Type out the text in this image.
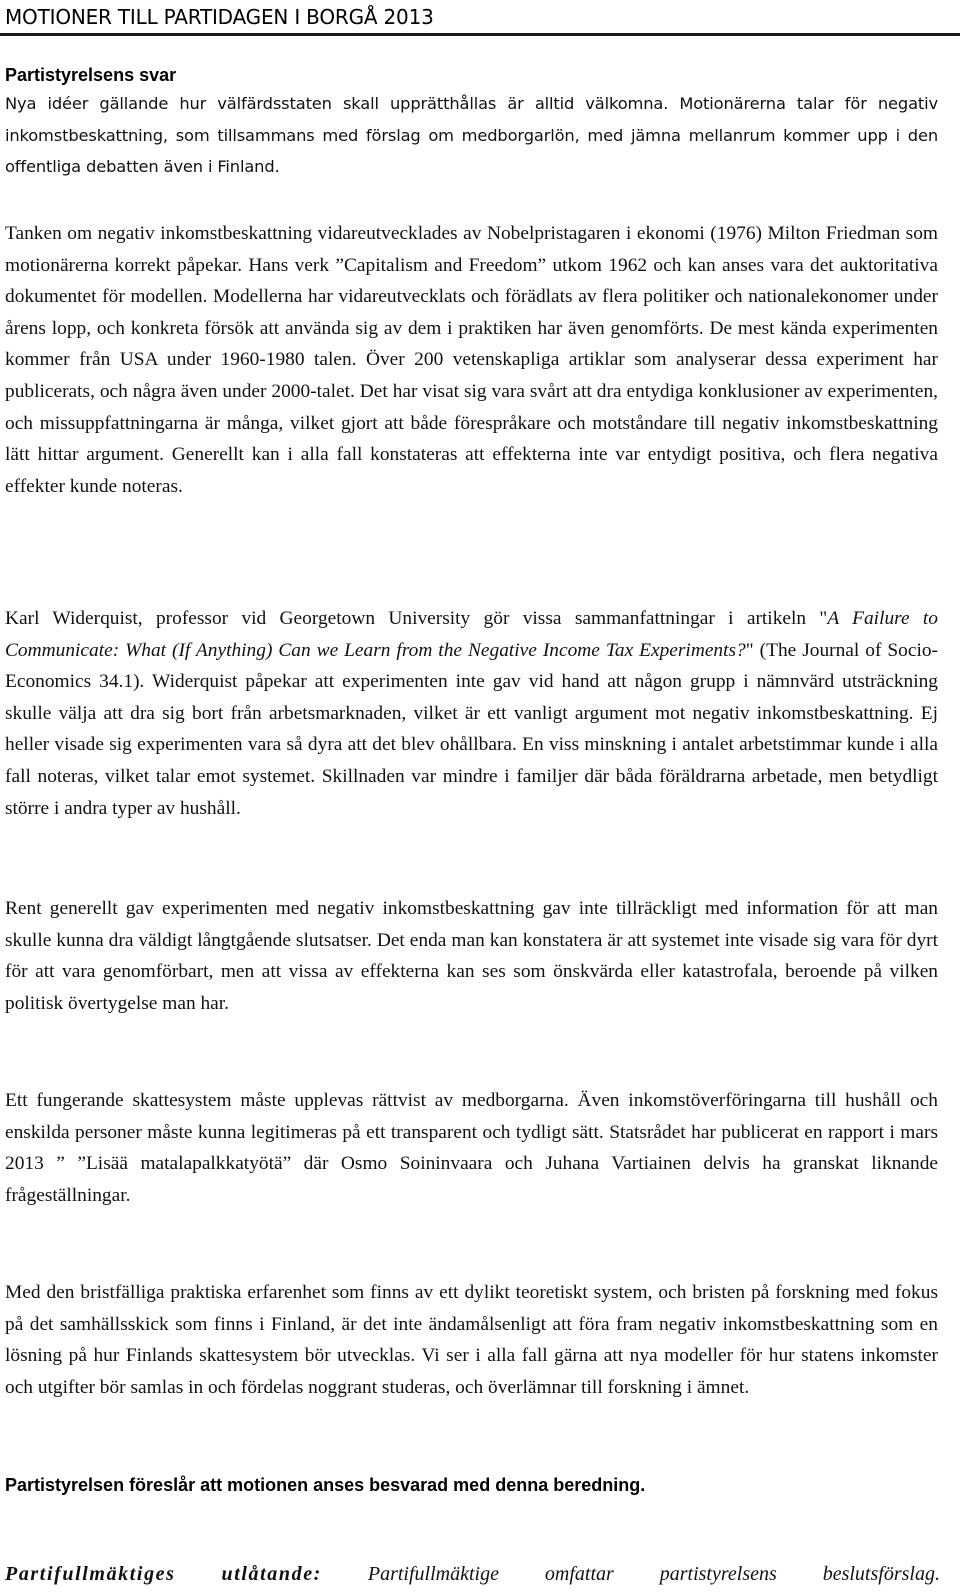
MOTIONER TILL PARTIDAGEN I BORGÅ 2013
Partistyrelsens svar

Nya idéer gällande hur välfärdsstaten skall upprätthållas är alltid välkomna. Motionärerna talar för negativ inkomstbeskattning, som tillsammans med förslag om medborgarlön, med jämna mellanrum kommer upp i den offentliga debatten även i Finland.

Tanken om negativ inkomstbeskattning vidareutvecklades av Nobelpristagaren i ekonomi (1976) Milton Friedman som motionärerna korrekt påpekar. Hans verk ”Capitalism and Freedom” utkom 1962 och kan anses vara det auktoritativa dokumentet för modellen. Modellerna har vidareutvecklats och förädlats av flera politiker och nationalekonomer under årens lopp, och konkreta försök att använda sig av dem i praktiken har även genomförts. De mest kända experimenten kommer från USA under 1960-1980 talen. Över 200 vetenskapliga artiklar som analyserar dessa experiment har publicerats, och några även under 2000-talet. Det har visat sig vara svårt att dra entydiga konklusioner av experimenten, och missuppfattningarna är många, vilket gjort att både förespråkare och motståndare till negativ inkomstbeskattning lätt hittar argument. Generellt kan i alla fall konstateras att effekterna inte var entydigt positiva, och flera negativa effekter kunde noteras.

Karl Widerquist, professor vid Georgetown University gör vissa sammanfattningar i artikeln "A Failure to Communicate: What (If Anything) Can we Learn from the Negative Income Tax Experiments?" (The Journal of Socio-Economics 34.1). Widerquist påpekar att experimenten inte gav vid hand att någon grupp i nämnvärd utsträckning skulle välja att dra sig bort från arbetsmarknaden, vilket är ett vanligt argument mot negativ inkomstbeskattning. Ej heller visade sig experimenten vara så dyra att det blev ohållbara. En viss minskning i antalet arbetstimmar kunde i alla fall noteras, vilket talar emot systemet. Skillnaden var mindre i familjer där båda föräldrarna arbetade, men betydligt större i andra typer av hushåll.

Rent generellt gav experimenten med negativ inkomstbeskattning gav inte tillräckligt med information för att man skulle kunna dra väldigt långtgående slutsatser. Det enda man kan konstatera är att systemet inte visade sig vara för dyrt för att vara genomförbart, men att vissa av effekterna kan ses som önskvärda eller katastrofala, beroende på vilken politisk övertygelse man har.

Ett fungerande skattesystem måste upplevas rättvist av medborgarna. Även inkomstöverföringarna till hushåll och enskilda personer måste kunna legitimeras på ett transparent och tydligt sätt. Statsrådet har publicerat en rapport i mars 2013 ” ”Lisää matalapalkkatyötä” där Osmo Soininvaara och Juhana Vartiainen delvis ha granskat liknande frågeställningar.

Med den bristfälliga praktiska erfarenhet som finns av ett dylikt teoretiskt system, och bristen på forskning med fokus på det samhällsskick som finns i Finland, är det inte ändamålsenligt att föra fram negativ inkomstbeskattning som en lösning på hur Finlands skattesystem bör utvecklas. Vi ser i alla fall gärna att nya modeller för hur statens inkomster och utgifter bör samlas in och fördelas noggrant studeras, och överlämnar till forskning i ämnet.

Partistyrelsen föreslår att motionen anses besvarad med denna beredning.
Partifullmäktiges utlåtande: Partifullmäktige omfattar partistyrelsens beslutsförslag.
